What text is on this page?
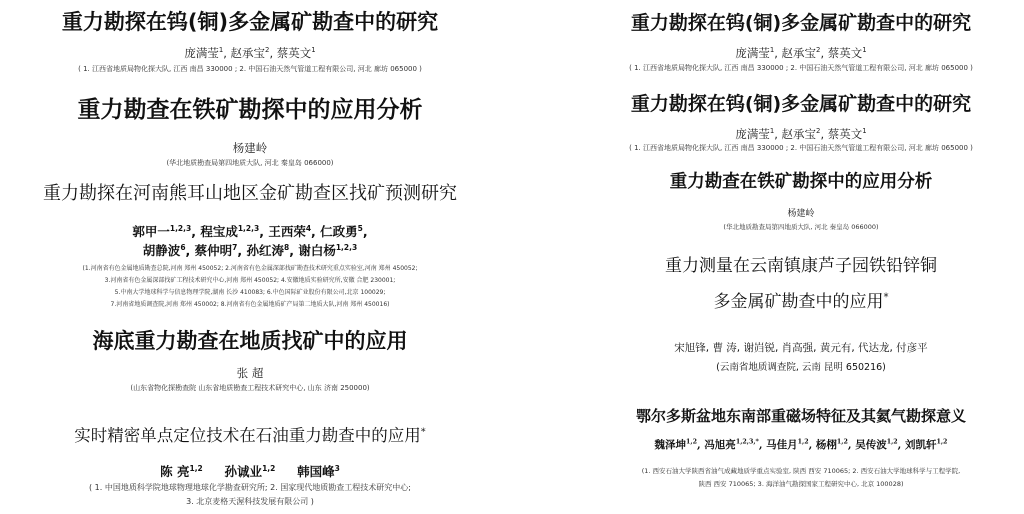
重力勘探在钨(铜)多金属矿勘查中的研究
庞满莹$^1$, 赵承宝$^2$, 蔡英文$^1$
( 1. 江西省地质局物化探大队, 江西 南昌 330000 ; 2. 中国石油天然气管道工程有限公司, 河北 廊坊 065000 )
重力勘查在铁矿勘探中的应用分析
杨建岭
(华北地质勘查局第四地质大队, 河北 秦皇岛 066000)
重力勘探在河南熊耳山地区金矿勘查区找矿预测研究
郭甲一$^{1,2,3}$, 程宝成$^{1,2,3}$, 王西荣$^4$, 仁政勇$^5$,
胡静波$^6$, 蔡仲明$^7$, 孙红涛$^8$, 谢白杨$^{1,2,3}$
(1.河南省有色金属地质勘查总院,河南 郑州 450052; 2.河南省有色金属深部找矿勘查技术研究重点实验室,河南 郑州 450052;
3.河南省有色金属深部找矿工程技术研究中心,河南 郑州 450052; 4.安徽地质实验研究所,安徽 合肥 230001;
5.中南大学地球科学与信息物理学院,湖南 长沙 410083; 6.中色国际矿业股份有限公司,北京 100029;
7.河南省地质调查院,河南 郑州 450002; 8.河南省有色金属地质矿产局第二地质大队,河南 郑州 450016)
海底重力勘查在地质找矿中的应用
张 超
(山东省物化探勘查院 山东省地质勘查工程技术研究中心, 山东 济南 250000)
实时精密单点定位技术在石油重力勘查中的应用*
陈 亮$^{1,2}$ 孙诚业$^{1,2}$ 韩国峰$^3$
( 1. 中国地质科学院地球物理地球化学勘查研究所; 2. 国家现代地质勘查工程技术研究中心;
3. 北京麦格天渥科技发展有限公司 )
重力勘探在钨(铜)多金属矿勘查中的研究
庞满莹$^1$, 赵承宝$^2$, 蔡英文$^1$
( 1. 江西省地质局物化探大队, 江西 南昌 330000 ; 2. 中国石油天然气管道工程有限公司, 河北 廊坊 065000 )
重力勘探在钨(铜)多金属矿勘查中的研究
庞满莹$^1$, 赵承宝$^2$, 蔡英文$^1$
( 1. 江西省地质局物化探大队, 江西 南昌 330000 ; 2. 中国石油天然气管道工程有限公司, 河北 廊坊 065000 )
重力勘查在铁矿勘探中的应用分析
杨建岭
(华北地质勘查局第四地质大队, 河北 秦皇岛 066000)
重力测量在云南镇康芦子园铁铅锌铜
多金属矿勘查中的应用*
宋旭锋, 曹 涛, 谢岿锐, 肖高强, 黄元有, 代达龙, 付彦平
(云南省地质调查院, 云南 昆明 650216)
鄂尔多斯盆地东南部重磁场特征及其氦气勘探意义
魏泽坤$^{1,2}$, 冯旭亮$^{1,2,3,*}$, 马佳月$^{1,2}$, 杨栩$^{1,2}$, 吴传波$^{1,2}$, 刘凯轩$^{1,2}$
(1. 西安石油大学陕西省油气成藏地质学重点实验室, 陕西 西安 710065; 2. 西安石油大学地球科学与工程学院,
陕西 西安 710065; 3. 海洋油气勘探国家工程研究中心, 北京 100028)
